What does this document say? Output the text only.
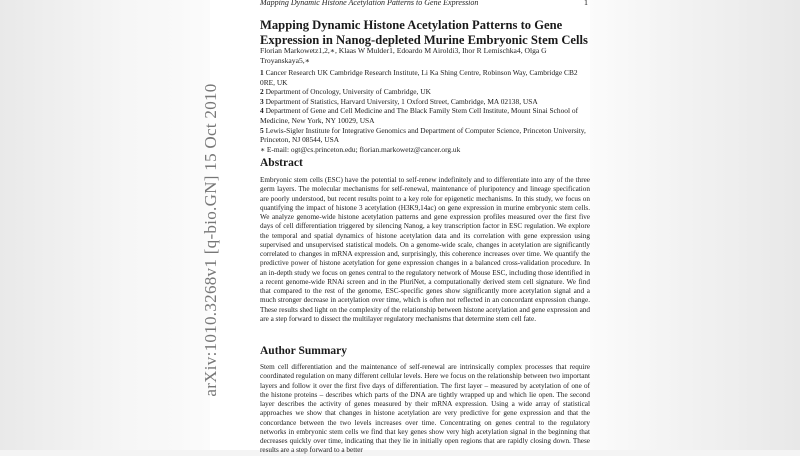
Mapping Dynamic Histone Acetylation Patterns to Gene Expression	1
Mapping Dynamic Histone Acetylation Patterns to Gene Expression in Nanog-depleted Murine Embryonic Stem Cells
Florian Markowetz1,2,∗, Klaas W Mulder1, Edoardo M Airoldi3, Ihor R Lemischka4, Olga G Troyanskaya5,∗
1 Cancer Research UK Cambridge Research Institute, Li Ka Shing Centre, Robinson Way, Cambridge CB2 0RE, UK
2 Department of Oncology, University of Cambridge, UK
3 Department of Statistics, Harvard University, 1 Oxford Street, Cambridge, MA 02138, USA
4 Department of Gene and Cell Medicine and The Black Family Stem Cell Institute, Mount Sinai School of Medicine, New York, NY 10029, USA
5 Lewis-Sigler Institute for Integrative Genomics and Department of Computer Science, Princeton University, Princeton, NJ 08544, USA
∗ E-mail: ogt@cs.princeton.edu; florian.markowetz@cancer.org.uk
Abstract
Embryonic stem cells (ESC) have the potential to self-renew indefinitely and to differentiate into any of the three germ layers. The molecular mechanisms for self-renewal, maintenance of pluripotency and lineage specification are poorly understood, but recent results point to a key role for epigenetic mechanisms. In this study, we focus on quantifying the impact of histone 3 acetylation (H3K9,14ac) on gene expression in murine embryonic stem cells. We analyze genome-wide histone acetylation patterns and gene expression profiles measured over the first five days of cell differentiation triggered by silencing Nanog, a key transcription factor in ESC regulation. We explore the temporal and spatial dynamics of histone acetylation data and its correlation with gene expression using supervised and unsupervised statistical models. On a genome-wide scale, changes in acetylation are significantly correlated to changes in mRNA expression and, surprisingly, this coherence increases over time. We quantify the predictive power of histone acetylation for gene expression changes in a balanced cross-validation procedure. In an in-depth study we focus on genes central to the regulatory network of Mouse ESC, including those identified in a recent genome-wide RNAi screen and in the PluriNet, a computationally derived stem cell signature. We find that compared to the rest of the genome, ESC-specific genes show significantly more acetylation signal and a much stronger decrease in acetylation over time, which is often not reflected in an concordant expression change. These results shed light on the complexity of the relationship between histone acetylation and gene expression and are a step forward to dissect the multilayer regulatory mechanisms that determine stem cell fate.
Author Summary
Stem cell differentiation and the maintenance of self-renewal are intrinsically complex processes that require coordinated regulation on many different cellular levels. Here we focus on the relationship between two important layers and follow it over the first five days of differentiation. The first layer – measured by acetylation of one of the histone proteins – describes which parts of the DNA are tightly wrapped up and which lie open. The second layer describes the activity of genes measured by their mRNA expression. Using a wide array of statistical approaches we show that changes in histone acetylation are very predictive for gene expression and that the concordance between the two levels increases over time. Concentrating on genes central to the regulatory networks in embryonic stem cells we find that key genes show very high acetylation signal in the beginning that decreases quickly over time, indicating that they lie in initially open regions that are rapidly closing down. These results are a step forward to a better
arXiv:1010.3268v1 [q-bio.GN] 15 Oct 2010
